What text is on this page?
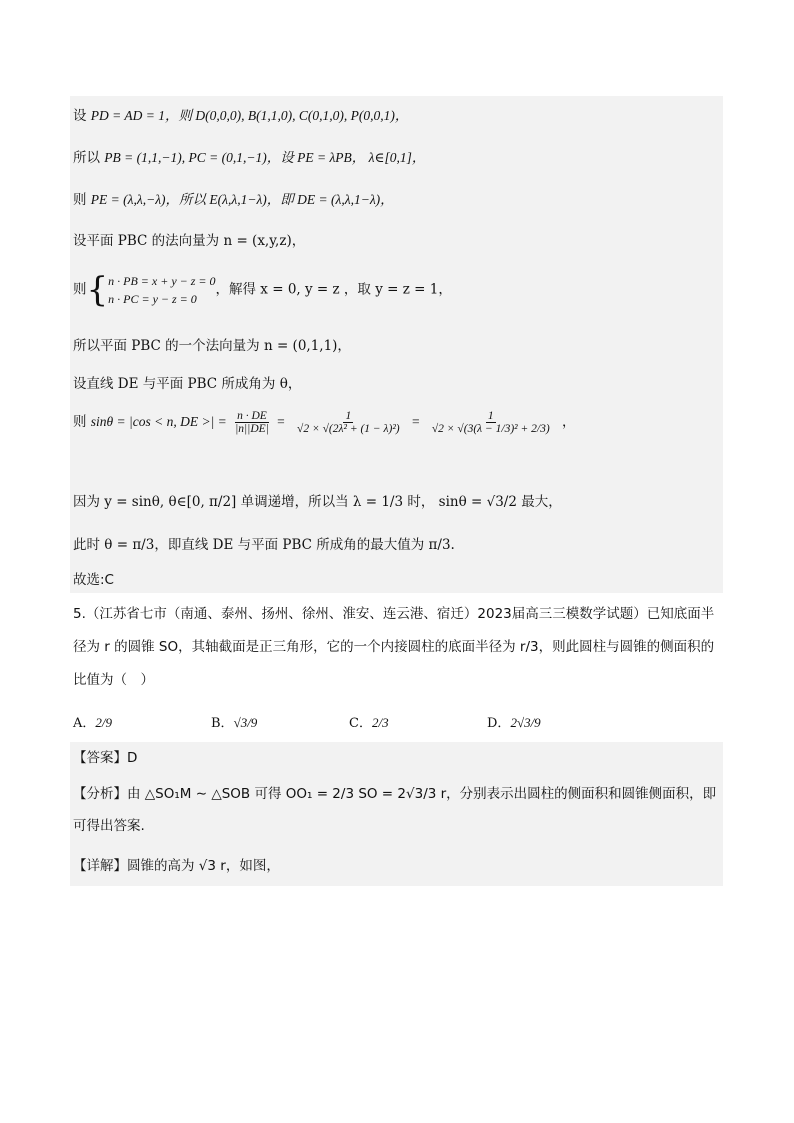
设 PD = AD = 1，则 D(0,0,0), B(1,1,0), C(0,1,0), P(0,0,1)，
所以 PB = (1,1,−1), PC = (0,1,−1)，设 PE = λPB， λ∈[0,1]，
则 PE = (λ,λ,−λ)，所以 E(λ,λ,1−λ)，即 DE = (λ,λ,1−λ)，
设平面 PBC 的法向量为 n = (x,y,z)，
则{ n · PB = x + y − z = 0
n · PC = y − z = 0
，解得 x = 0, y = z ，取 y = z = 1，
所以平面 PBC 的一个法向量为 n = (0,1,1)，
设直线 DE 与平面 PBC 所成角为 θ，
则 sinθ = |cos < n, DE >| = $\frac{n \cdot DE}{|n||DE|} = \frac{1}{\text{√2 × √(2λ² + (1 − λ)²)}} = \frac{1}{\text{√2 × √(3(λ − 1/3)² + 2/3)}}$ ，
因为 y = sinθ, θ∈[0, π/2] 单调递增，所以当 λ = 1/3 时， sinθ = √3/2 最大，
此时 θ = π/3，即直线 DE 与平面 PBC 所成角的最大值为 π/3.
故选:C
5.（江苏省七市（南通、泰州、扬州、徐州、淮安、连云港、宿迁）2023届高三三模数学试题）已知底面半径为 r 的圆锥 SO，其轴截面是正三角形，它的一个内接圆柱的底面半径为 r/3，则此圆柱与圆锥的侧面积的比值为（　）
A．2/9	B．√3/9	C．2/3	D．2√3/9
【答案】D
【分析】由 △SO₁M ∼ △SOB 可得 OO₁ = 2/3 SO = 2√3/3 r，分别表示出圆柱的侧面积和圆锥侧面积，即可得出答案.
【详解】圆锥的高为 √3 r，如图，
